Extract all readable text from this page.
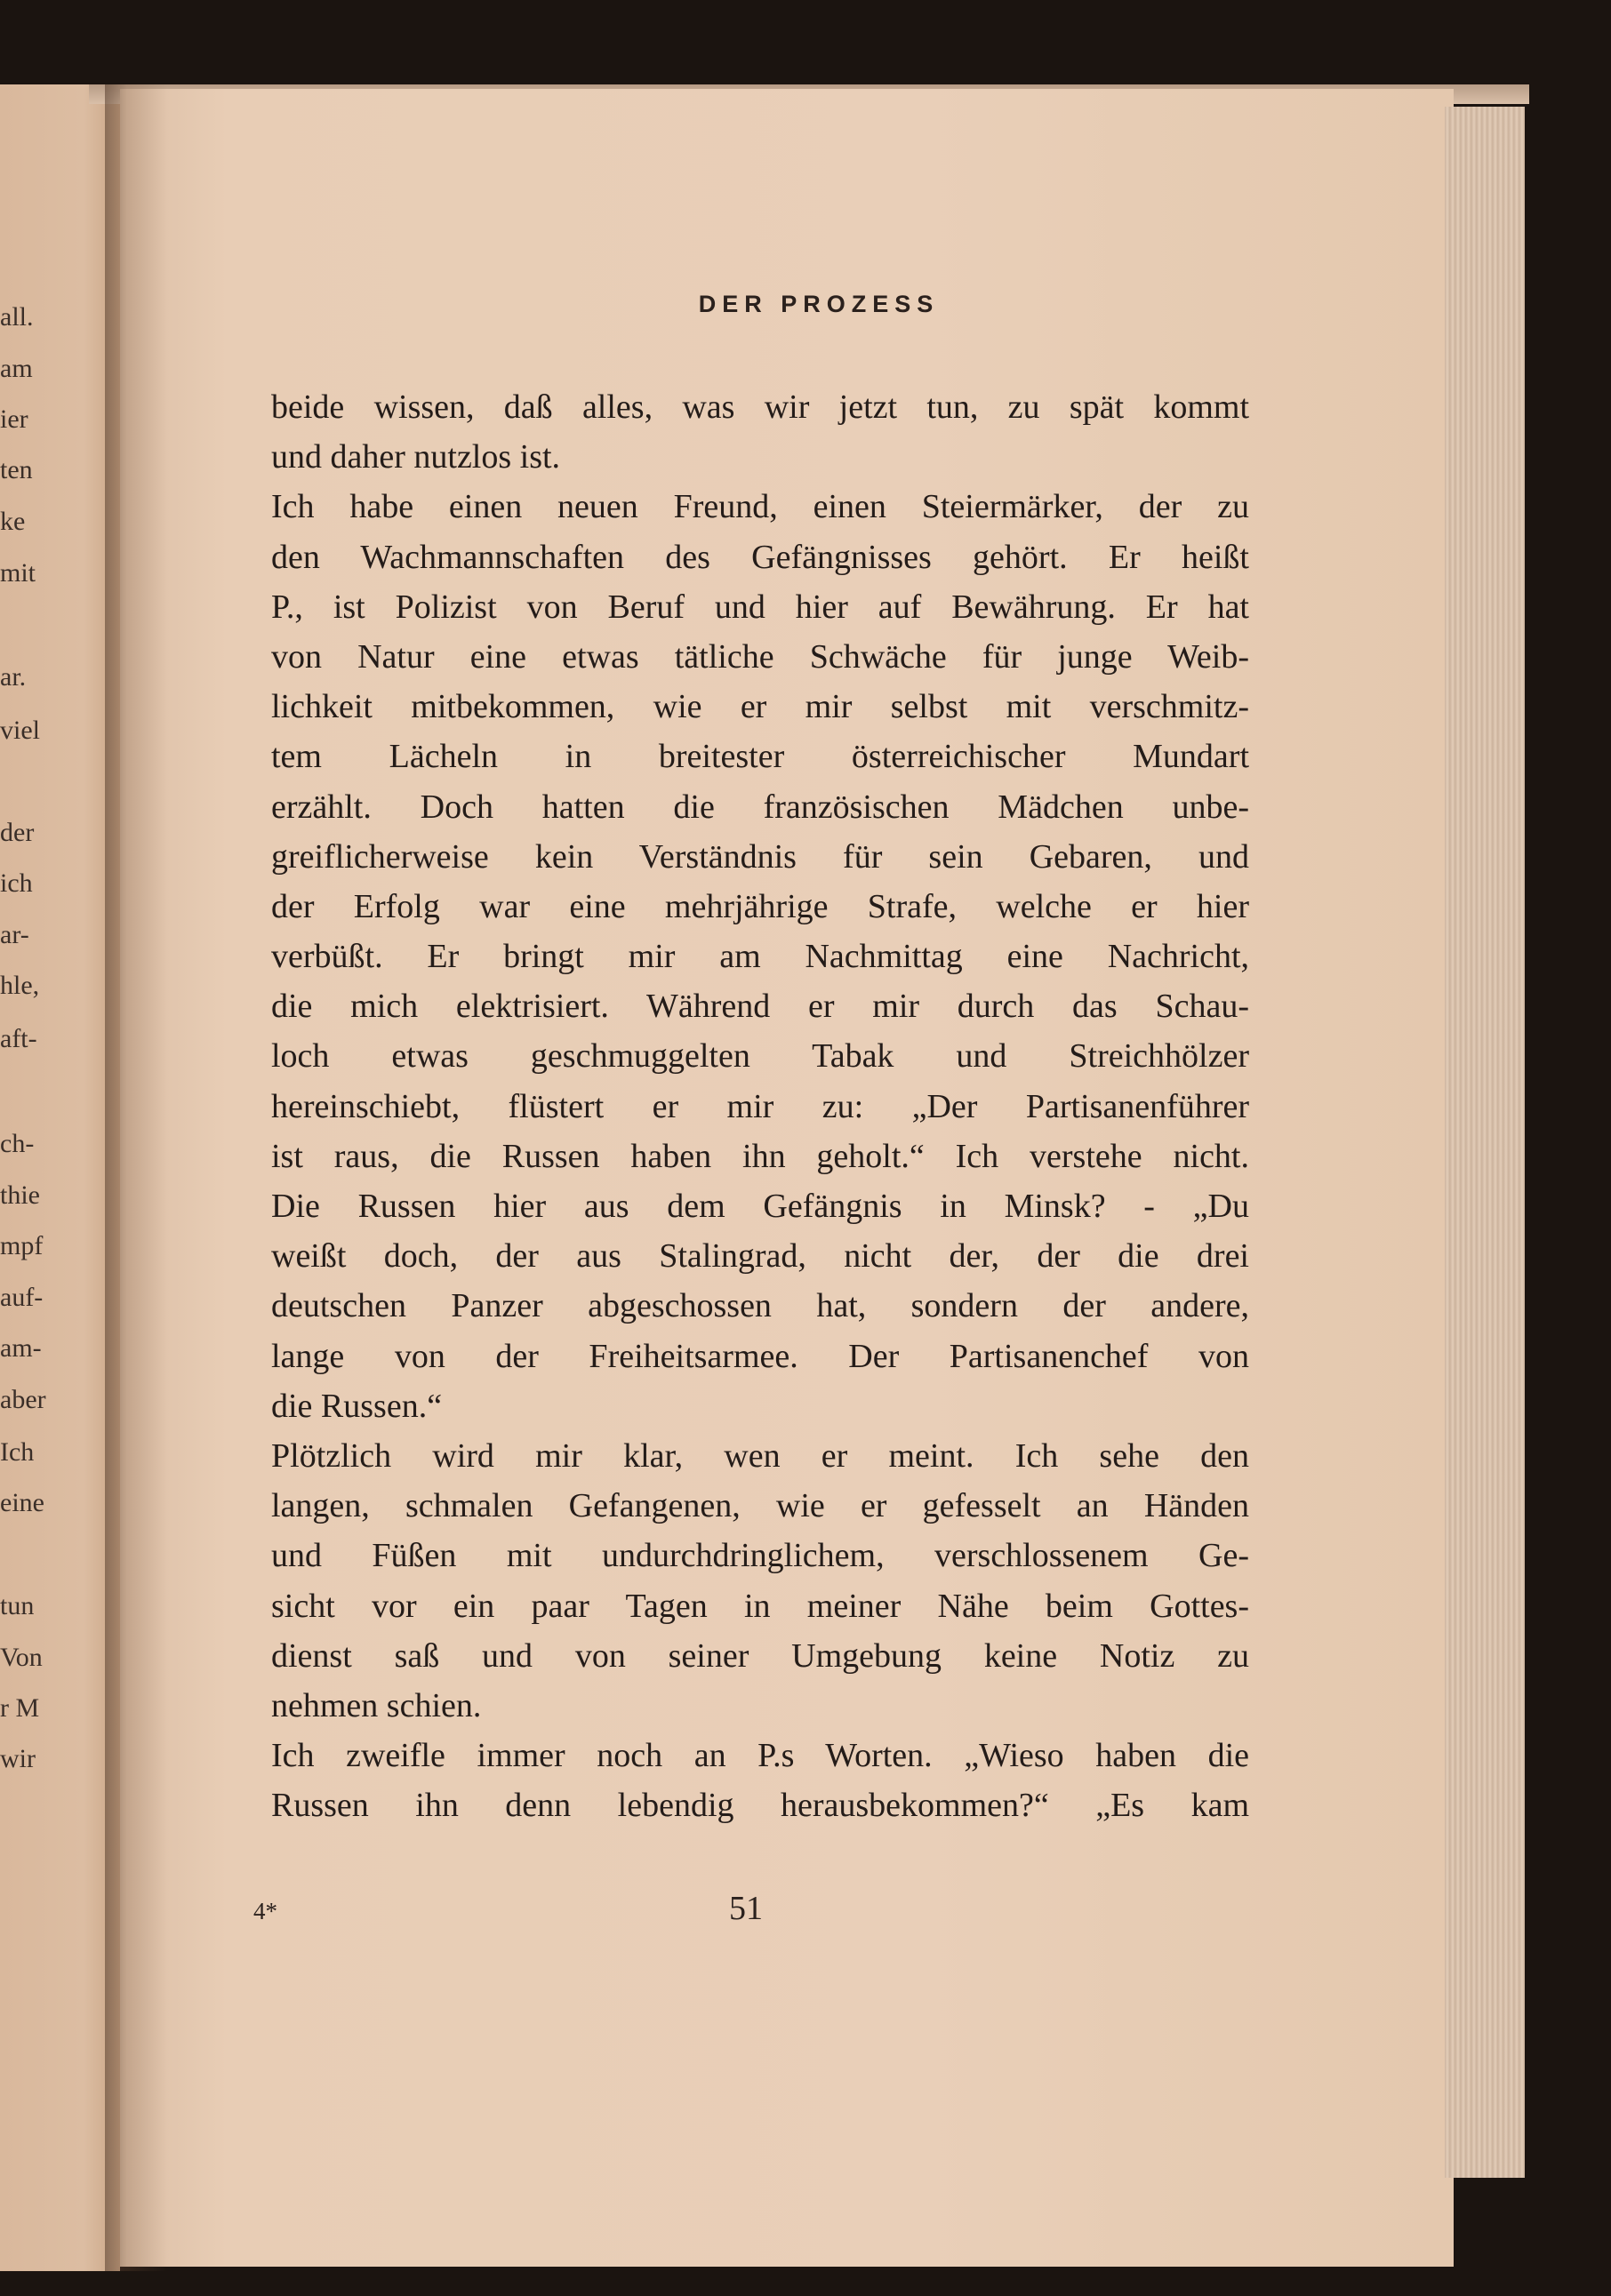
all.
am
ier
ten
ke
mit
ar.
viel
der
ich
ar-
hle,
aft-
ch-
thie
mpf
auf-
am-
aber
Ich
eine
tun
Von
r M
wir
DER PROZESS
beide wissen, daß alles, was wir jetzt tun, zu spät kommt
und daher nutzlos ist.
Ich habe einen neuen Freund, einen Steiermärker, der zu
den Wachmannschaften des Gefängnisses gehört. Er heißt
P., ist Polizist von Beruf und hier auf Bewährung. Er hat
von Natur eine etwas tätliche Schwäche für junge Weib-
lichkeit mitbekommen, wie er mir selbst mit verschmitz-
tem Lächeln in breitester österreichischer Mundart
erzählt. Doch hatten die französischen Mädchen unbe-
greiflicherweise kein Verständnis für sein Gebaren, und
der Erfolg war eine mehrjährige Strafe, welche er hier
verbüßt. Er bringt mir am Nachmittag eine Nachricht,
die mich elektrisiert. Während er mir durch das Schau-
loch etwas geschmuggelten Tabak und Streichhölzer
hereinschiebt, flüstert er mir zu: „Der Partisanenführer
ist raus, die Russen haben ihn geholt.“ Ich verstehe nicht.
Die Russen hier aus dem Gefängnis in Minsk? - „Du
weißt doch, der aus Stalingrad, nicht der, der die drei
deutschen Panzer abgeschossen hat, sondern der andere,
lange von der Freiheitsarmee. Der Partisanenchef von
die Russen.“
Plötzlich wird mir klar, wen er meint. Ich sehe den
langen, schmalen Gefangenen, wie er gefesselt an Händen
und Füßen mit undurchdringlichem, verschlossenem Ge-
sicht vor ein paar Tagen in meiner Nähe beim Gottes-
dienst saß und von seiner Umgebung keine Notiz zu
nehmen schien.
Ich zweifle immer noch an P.s Worten. „Wieso haben die
Russen ihn denn lebendig herausbekommen?“ „Es kam
4*	51
